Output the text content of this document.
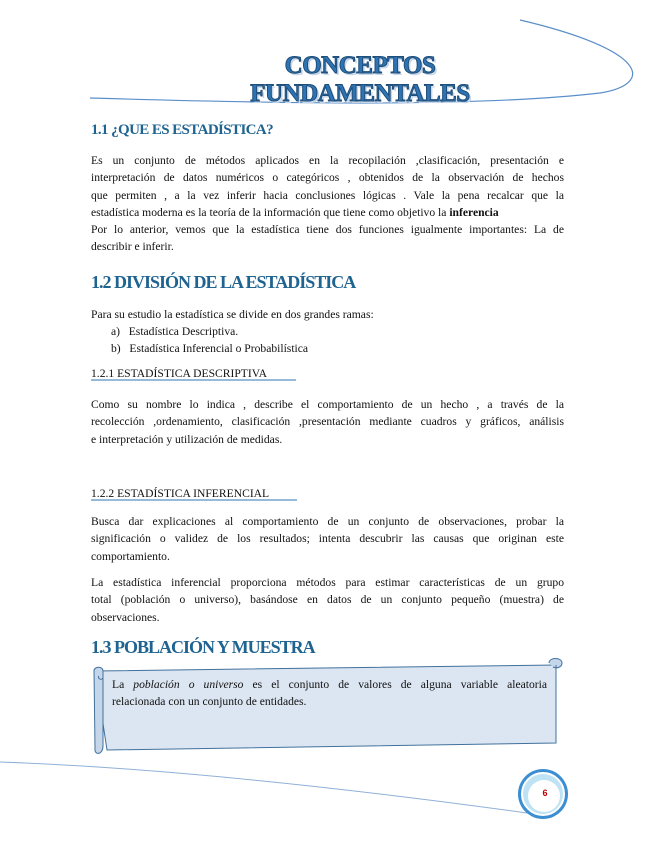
CONCEPTOS FUNDAMENTALES
1.1 ¿QUE ES ESTADÍSTICA?
Es un conjunto de métodos aplicados en la recopilación ,clasificación, presentación e
interpretación de datos numéricos o categóricos , obtenidos de la observación de hechos
que permiten , a la vez inferir hacia conclusiones lógicas . Vale la pena recalcar que la
estadística moderna es la teoría de la información que tiene como objetivo la inferencia
Por lo anterior, vemos que la estadística tiene dos funciones igualmente importantes: La de
describir e inferir.
1.2 DIVISIÓN DE LA ESTADÍSTICA
Para su estudio la estadística se divide en dos grandes ramas:
a) Estadística Descriptiva.
b) Estadística Inferencial o Probabilística
1.2.1 ESTADÍSTICA DESCRIPTIVA
Como su nombre lo indica , describe el comportamiento de un hecho , a través de la
recolección ,ordenamiento, clasificación ,presentación mediante cuadros y gráficos, análisis
e interpretación y utilización de medidas.
1.2.2 ESTADÍSTICA INFERENCIAL
Busca dar explicaciones al comportamiento de un conjunto de observaciones, probar la
significación o validez de los resultados; intenta descubrir las causas que originan este
comportamiento.
La estadística inferencial proporciona métodos para estimar características de un grupo
total (población o universo), basándose en datos de un conjunto pequeño (muestra) de
observaciones.
1.3 POBLACIÓN Y MUESTRA
La población o universo es el conjunto de valores de alguna variable aleatoria
relacionada con un conjunto de entidades.
6
